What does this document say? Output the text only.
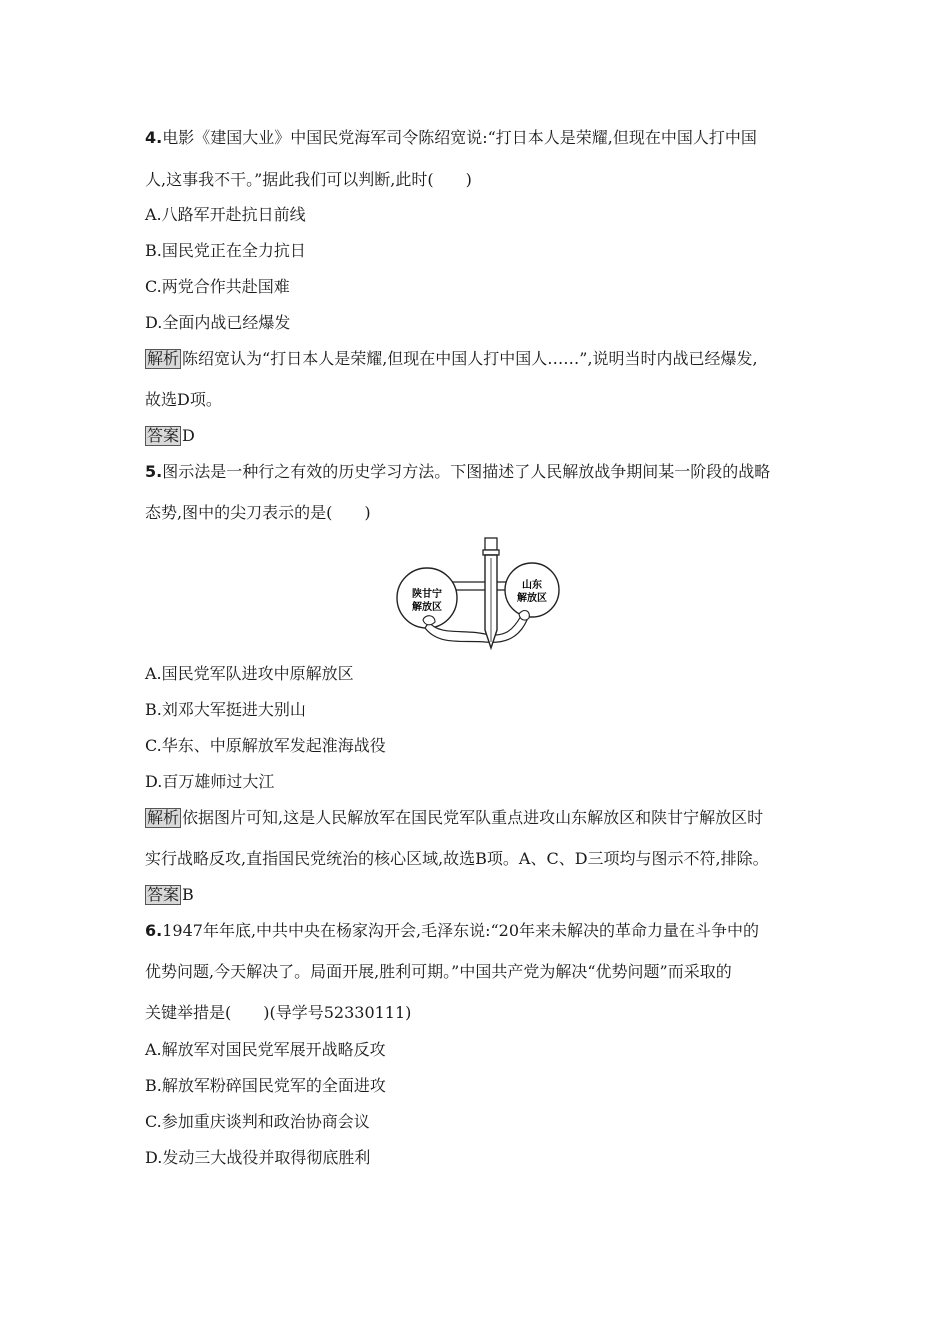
4.电影《建国大业》中国民党海军司令陈绍宽说:“打日本人是荣耀,但现在中国人打中国
人,这事我不干。”据此我们可以判断,此时(　　)
A.八路军开赴抗日前线
B.国民党正在全力抗日
C.两党合作共赴国难
D.全面内战已经爆发
解析 陈绍宽认为“打日本人是荣耀,但现在中国人打中国人……”,说明当时内战已经爆发,
故选D项。
答案 D
5.图示法是一种行之有效的历史学习方法。下图描述了人民解放战争期间某一阶段的战略
态势,图中的尖刀表示的是(　　)
陕甘宁
解放区
山东
解放区
A.国民党军队进攻中原解放区
B.刘邓大军挺进大别山
C.华东、中原解放军发起淮海战役
D.百万雄师过大江
解析 依据图片可知,这是人民解放军在国民党军队重点进攻山东解放区和陕甘宁解放区时
实行战略反攻,直指国民党统治的核心区域,故选B项。A、C、D三项均与图示不符,排除。
答案 B
6.1947年年底,中共中央在杨家沟开会,毛泽东说:“20年来未解决的革命力量在斗争中的
优势问题,今天解决了。局面开展,胜利可期。”中国共产党为解决“优势问题”而采取的
关键举措是(　　)(导学号52330111)
A.解放军对国民党军展开战略反攻
B.解放军粉碎国民党军的全面进攻
C.参加重庆谈判和政治协商会议
D.发动三大战役并取得彻底胜利
